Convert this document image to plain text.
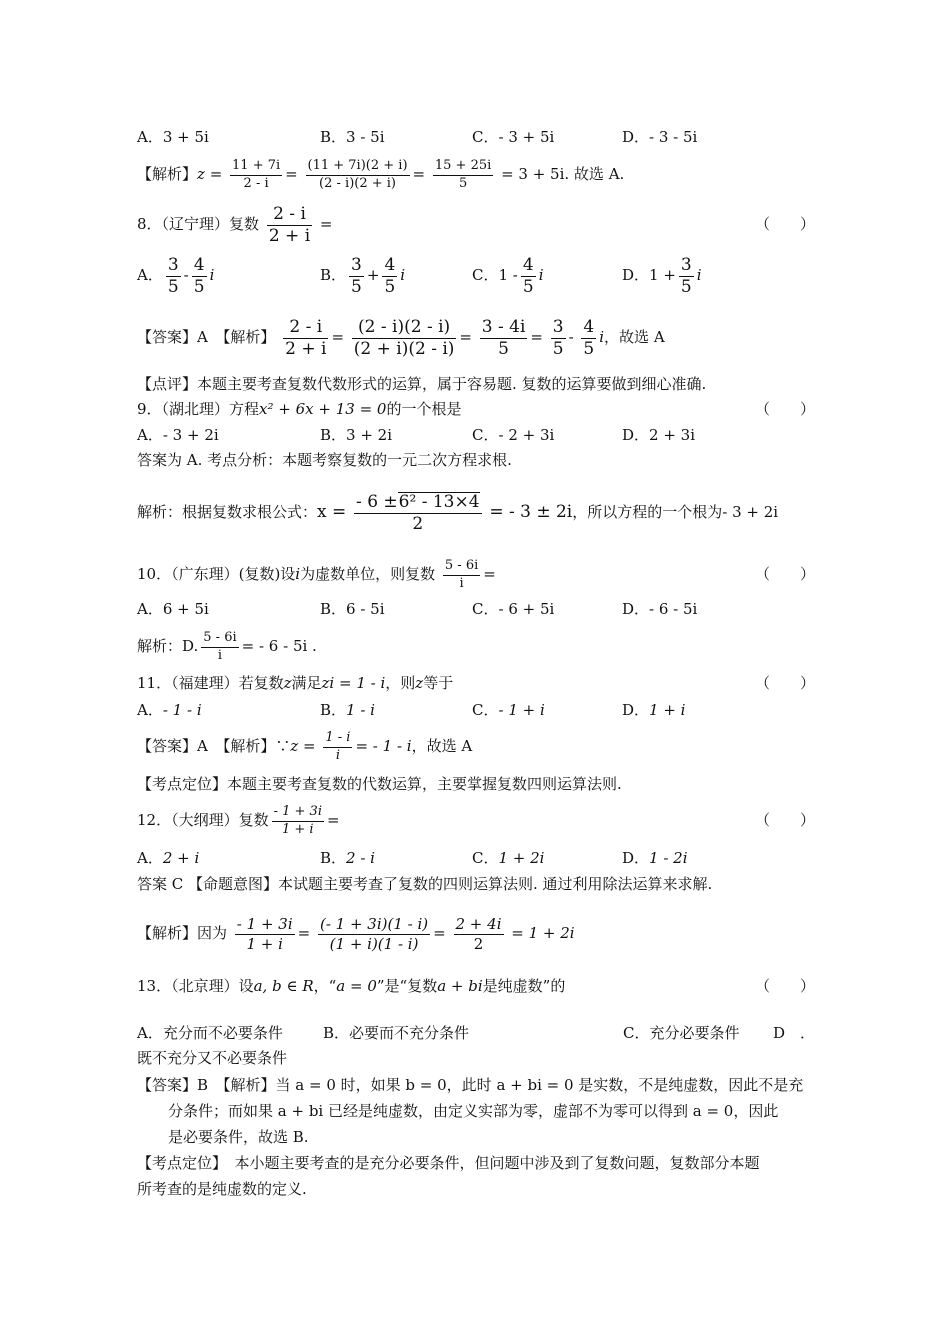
A．3 + 5i	B．3 - 5i	C．- 3 + 5i	D．- 3 - 5i
【解析】$z = \frac{11 + 7i}{2 - i} = \frac{(11 + 7i)(2 + i)}{(2 - i)(2 + i)} = \frac{15 + 25i}{5} = 3 + 5i$. 故选 A.
8．（辽宁理）复数 $\frac{2 - i}{2 + i}$ =	（　　）
A． $\frac{3}{5} - \frac{4}{5}$ i	B． $\frac{3}{5} + \frac{4}{5}$ i	C．$1 - \frac{4}{5}$ i	D．$1 + \frac{3}{5}$ i
【答案】A　【解析】 $\frac{2 - i}{2 + i} = \frac{(2 - i)(2 - i)}{(2 + i)(2 - i)} = \frac{3 - 4i}{5} = \frac{3}{5} - \frac{4}{5}$ i，故选 A
【点评】本题主要考查复数代数形式的运算，属于容易题. 复数的运算要做到细心准确.
9．（湖北理）方程x² + 6x + 13 = 0的一个根是	（　　）
A．- 3 + 2i	B．3 + 2i	C．- 2 + 3i	D．2 + 3i
答案为 A. 考点分析：本题考察复数的一元二次方程求根.
解析：根据复数求根公式：$x = \frac{\text{- 6 ±6² - 13×4}}{2}$ = - 3 ± 2i，所以方程的一个根为- 3 + 2i
10．（广东理）(复数)设i为虚数单位，则复数 $\frac{5 - 6i}{i}$ =	（　　）
A．6 + 5i	B．6 - 5i	C．- 6 + 5i	D．- 6 - 5i
解析：D. $\frac{5 - 6i}{i}$ = - 6 - 5i .
11．（福建理）若复数z满足zi = 1 - i，则z等于	（　　）
A．- 1 - i	B．1 - i	C．- 1 + i	D．1 + i
【答案】A　【解析】∵z = $\frac{1 - i}{i}$ = - 1 - i，故选 A
【考点定位】本题主要考查复数的代数运算，主要掌握复数四则运算法则.
12．（大纲理）复数 $\frac{- 1 + 3i}{1 + i}$ =	（　　）
A．2 + i	B．2 - i	C．1 + 2i	D．1 - 2i
答案 C 【命题意图】本试题主要考查了复数的四则运算法则. 通过利用除法运算来求解.
【解析】因为 $\frac{- 1 + 3i}{1 + i} = \frac{(- 1 + 3i)(1 - i)}{(1 + i)(1 - i)} = \frac{2 + 4i}{2} = 1 + 2i$
13．（北京理）设a, b ∈ R，“a = 0”是“复数a + bi是纯虚数”的	（　　）
A．充分而不必要条件	B．必要而不充分条件	C．充分必要条件 D　．
既不充分又不必要条件
【答案】B　【解析】当 a = 0 时，如果 b = 0，此时 a + bi = 0 是实数，不是纯虚数，因此不是充
分条件；而如果 a + bi 已经是纯虚数，由定义实部为零，虚部不为零可以得到 a = 0，因此
是必要条件，故选 B.
【考点定位】　本小题主要考查的是充分必要条件，但问题中涉及到了复数问题，复数部分本题
所考查的是纯虚数的定义.
